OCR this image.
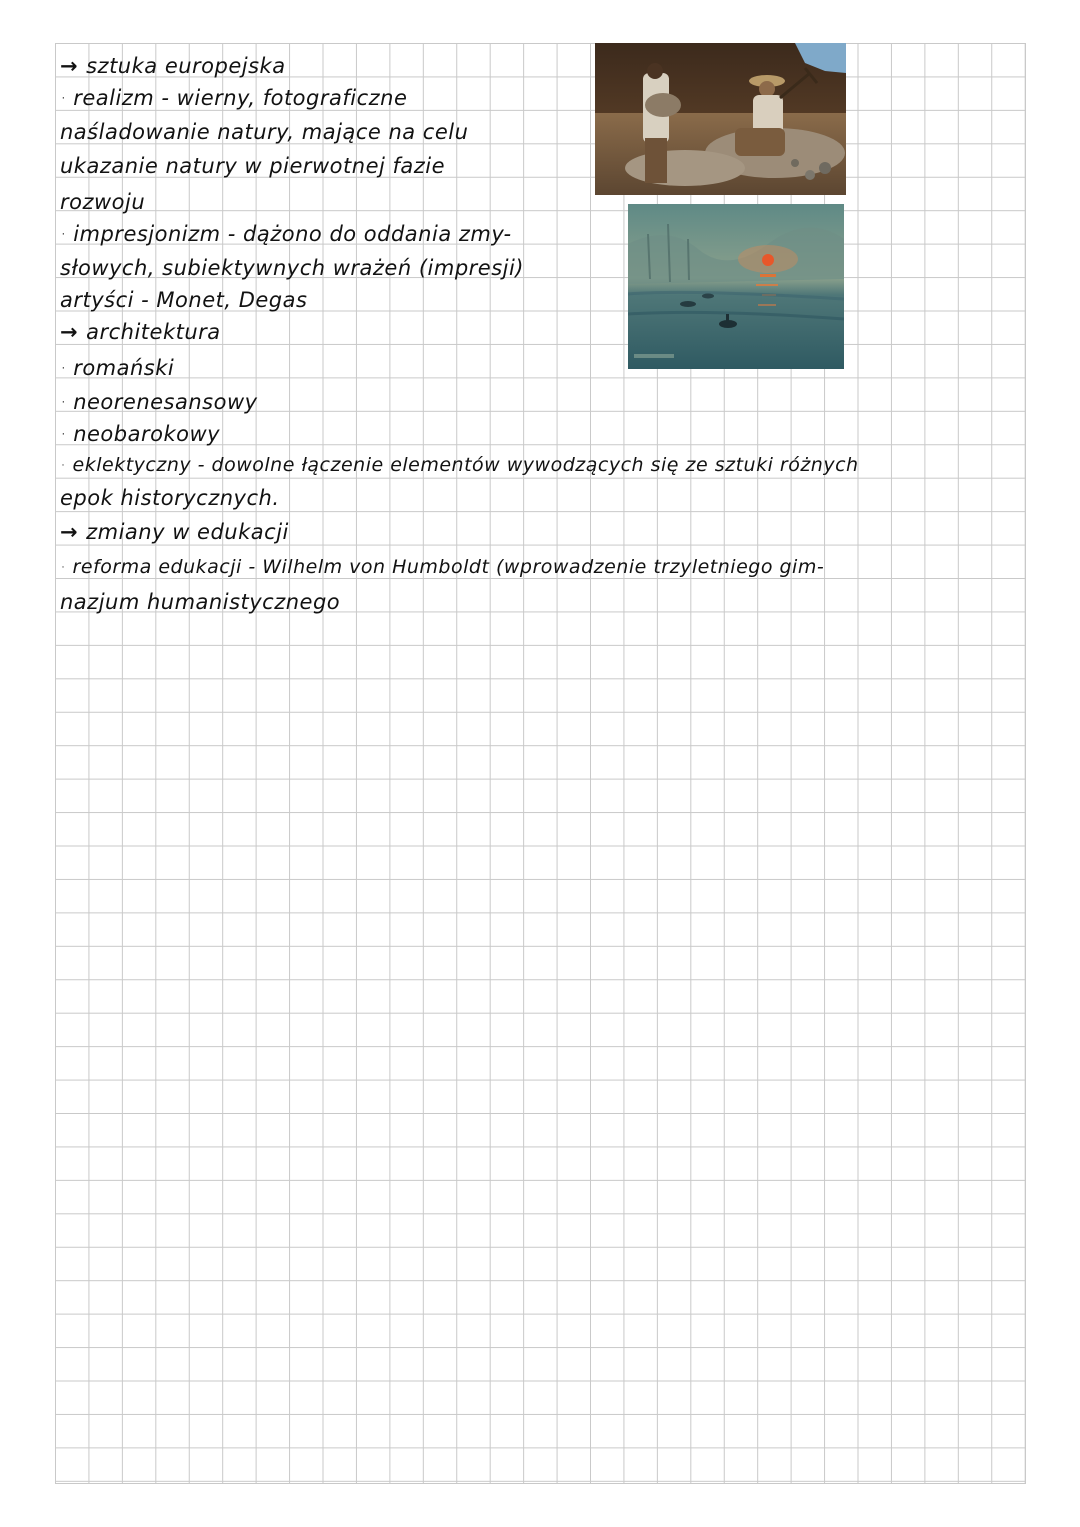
→ sztuka europejska
· realizm - wierny, fotograficzne
naśladowanie natury, mające na celu
ukazanie natury w pierwotnej fazie
rozwoju
· impresjonizm - dążono do oddania zmy-
słowych, subiektywnych wrażeń (impresji)
artyści - Monet, Degas
→ architektura
· romański
· neorenesansowy
· neobarokowy
· eklektyczny - dowolne łączenie elementów wywodzących się ze sztuki różnych
epok historycznych.
→ zmiany w edukacji
· reforma edukacji - Wilhelm von Humboldt (wprowadzenie trzyletniego gim-
nazjum humanistycznego
